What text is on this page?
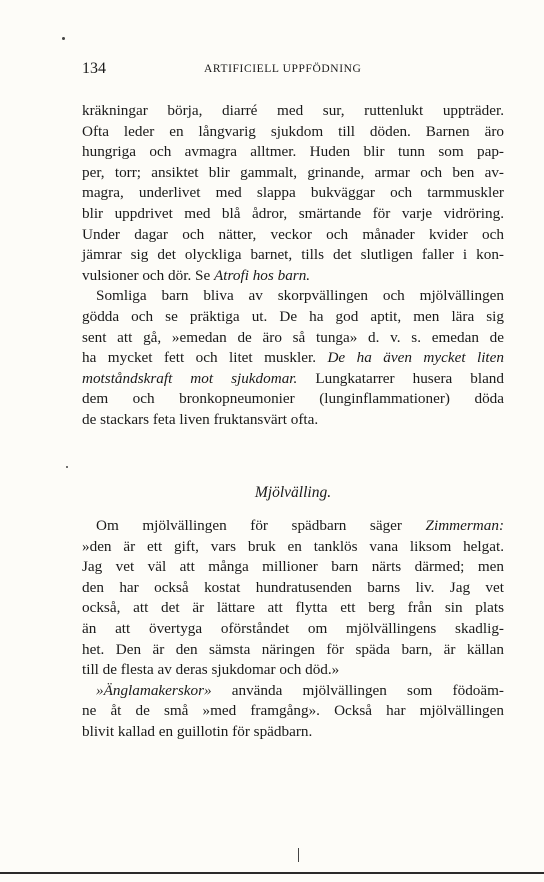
134	ARTIFICIELL UPPFÖDNING
kräkningar börja, diarré med sur, ruttenlukt uppträder.
Ofta leder en långvarig sjukdom till döden. Barnen äro
hungriga och avmagra alltmer. Huden blir tunn som pap-
per, torr; ansiktet blir gammalt, grinande, armar och ben av-
magra, underlivet med slappa bukväggar och tarmmuskler
blir uppdrivet med blå ådror, smärtande för varje vidröring.
Under dagar och nätter, veckor och månader kvider och
jämrar sig det olyckliga barnet, tills det slutligen faller i kon-
vulsioner och dör. Se Atrofi hos barn.
Somliga barn bliva av skorpvällingen och mjölvällingen
gödda och se präktiga ut. De ha god aptit, men lära sig
sent att gå, »emedan de äro så tunga» d. v. s. emedan de
ha mycket fett och litet muskler. De ha även mycket liten
motståndskraft mot sjukdomar. Lungkatarrer husera bland
dem och bronkopneumonier (lunginflammationer) döda
de stackars feta liven fruktansvärt ofta.
Mjölvälling.
Om mjölvällingen för spädbarn säger Zimmerman:
»den är ett gift, vars bruk en tanklös vana liksom helgat.
Jag vet väl att många millioner barn närts därmed; men
den har också kostat hundratusenden barns liv. Jag vet
också, att det är lättare att flytta ett berg från sin plats
än att övertyga oförståndet om mjölvällingens skadlig-
het. Den är den sämsta näringen för späda barn, är källan
till de flesta av deras sjukdomar och död.»
»Änglamakerskor» använda mjölvällingen som födoäm-
ne åt de små »med framgång». Också har mjölvällingen
blivit kallad en guillotin för spädbarn.
